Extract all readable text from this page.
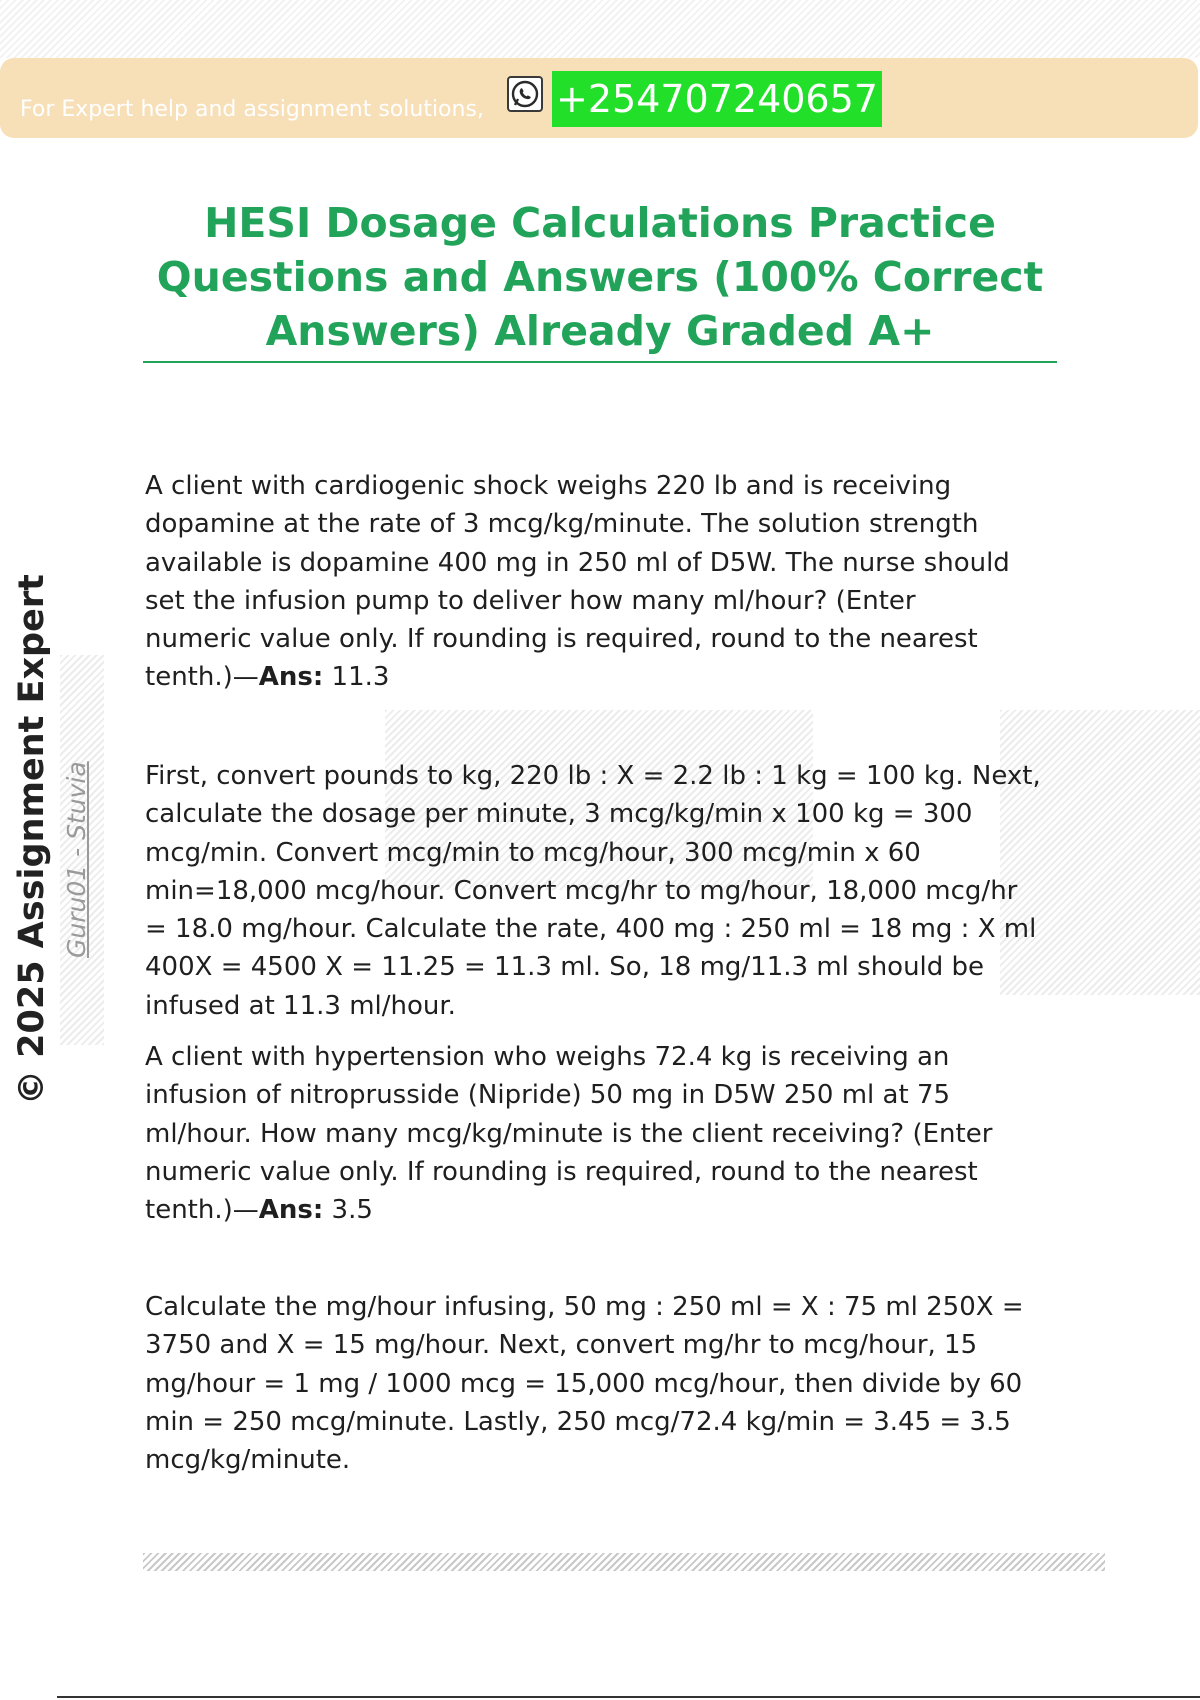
For Expert help and assignment solutions, +254707240657
HESI Dosage Calculations Practice Questions and Answers (100% Correct Answers) Already Graded A+
© 2025 Assignment Expert Guru01 - Stuvia
A client with cardiogenic shock weighs 220 lb and is receiving
dopamine at the rate of 3 mcg/kg/minute. The solution strength
available is dopamine 400 mg in 250 ml of D5W. The nurse should
set the infusion pump to deliver how many ml/hour? (Enter
numeric value only. If rounding is required, round to the nearest
tenth.)—Ans: 11.3
First, convert pounds to kg, 220 lb : X = 2.2 lb : 1 kg = 100 kg. Next,
calculate the dosage per minute, 3 mcg/kg/min x 100 kg = 300
mcg/min. Convert mcg/min to mcg/hour, 300 mcg/min x 60
min=18,000 mcg/hour. Convert mcg/hr to mg/hour, 18,000 mcg/hr
= 18.0 mg/hour. Calculate the rate, 400 mg : 250 ml = 18 mg : X ml
400X = 4500 X = 11.25 = 11.3 ml. So, 18 mg/11.3 ml should be
infused at 11.3 ml/hour.
A client with hypertension who weighs 72.4 kg is receiving an
infusion of nitroprusside (Nipride) 50 mg in D5W 250 ml at 75
ml/hour. How many mcg/kg/minute is the client receiving? (Enter
numeric value only. If rounding is required, round to the nearest
tenth.)—Ans: 3.5
Calculate the mg/hour infusing, 50 mg : 250 ml = X : 75 ml 250X =
3750 and X = 15 mg/hour. Next, convert mg/hr to mcg/hour, 15
mg/hour = 1 mg / 1000 mcg = 15,000 mcg/hour, then divide by 60
min = 250 mcg/minute. Lastly, 250 mcg/72.4 kg/min = 3.45 = 3.5
mcg/kg/minute.
